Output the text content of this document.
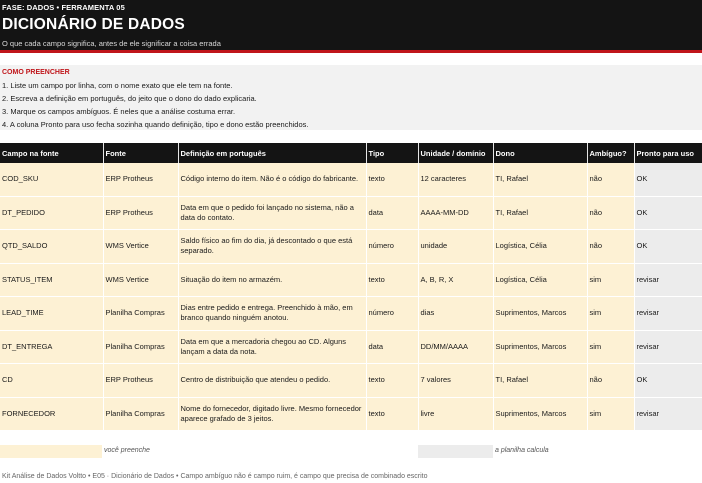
FASE: DADOS • FERRAMENTA 05
DICIONÁRIO DE DADOS
O que cada campo significa, antes de ele significar a coisa errada
COMO PREENCHER
1. Liste um campo por linha, com o nome exato que ele tem na fonte.
2. Escreva a definição em português, do jeito que o dono do dado explicaria.
3. Marque os campos ambíguos. É neles que a análise costuma errar.
4. A coluna Pronto para uso fecha sozinha quando definição, tipo e dono estão preenchidos.
Campo na fonte	Fonte	Definição em português	Tipo	Unidade / domínio	Dono	Ambíguo?	Pronto para uso
COD_SKU	ERP Protheus	Código interno do item. Não é o código do fabricante.	texto	12 caracteres	TI, Rafael	não	OK
DT_PEDIDO	ERP Protheus	Data em que o pedido foi lançado no sistema, não a data do contato.	data	AAAA-MM-DD	TI, Rafael	não	OK
QTD_SALDO	WMS Vertice	Saldo físico ao fim do dia, já descontado o que está separado.	número	unidade	Logística, Célia	não	OK
STATUS_ITEM	WMS Vertice	Situação do item no armazém.	texto	A, B, R, X	Logística, Célia	sim	revisar
LEAD_TIME	Planilha Compras	Dias entre pedido e entrega. Preenchido à mão, em branco quando ninguém anotou.	número	dias	Suprimentos, Marcos	sim	revisar
DT_ENTREGA	Planilha Compras	Data em que a mercadoria chegou ao CD. Alguns lançam a data da nota.	data	DD/MM/AAAA	Suprimentos, Marcos	sim	revisar
CD	ERP Protheus	Centro de distribuição que atendeu o pedido.	texto	7 valores	TI, Rafael	não	OK
FORNECEDOR	Planilha Compras	Nome do fornecedor, digitado livre. Mesmo fornecedor aparece grafado de 3 jeitos.	texto	livre	Suprimentos, Marcos	sim	revisar
você preenche	a planilha calcula
Kit Análise de Dados Voltto • E05 · Dicionário de Dados • Campo ambíguo não é campo ruim, é campo que precisa de combinado escrito
